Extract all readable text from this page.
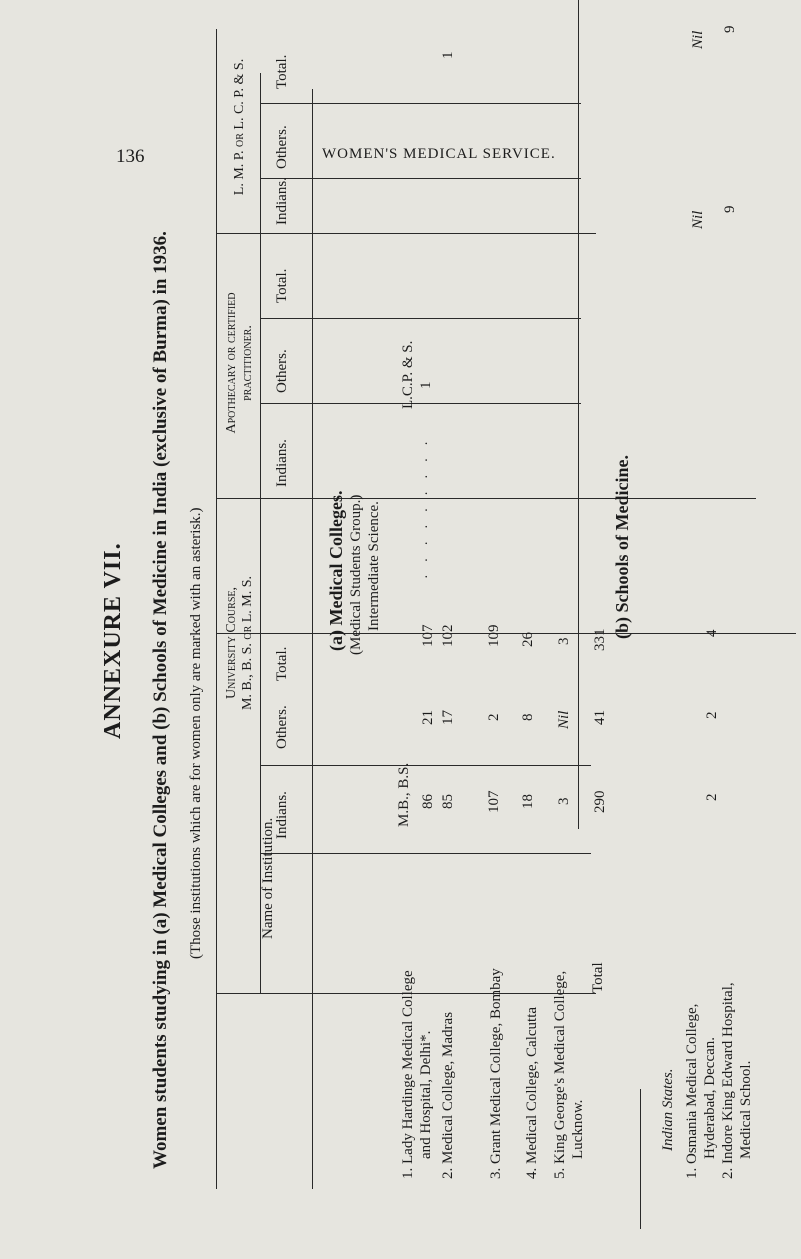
136	WOMEN'S MEDICAL SERVICE.
ANNEXURE VII. Women students studying in (a) Medical Colleges and (b) Schools of Medicine in India (exclusive of Burma) in 1936. (Those institutions which are for women only are marked with an asterisk.)	Name of Institution.
University Course, M. B., B. S. or L. M. S.
Apothecary or certified practitioner.
L. M. P. or L. C. P. & S.
Indians.
Others.
Total.
Indians.
Others.
Total.
Indians.
Others.
Total.
(a) Medical Colleges. (Medical Students Group.) Intermediate Science.
M.B., B.S.
L.C.P. & S.
1. Lady Hardinge Medical College and Hospital, Delhi*.
86
21
107
·········
2. Medical College, Madras
85
17
102
1
1
3. Grant Medical College, Bombay
107
2
109
4. Medical College, Calcutta
18
8
26
5. King George's Medical College, Lucknow.
3
Nil
3
Total
290
41
331
(b) Schools of Medicine.
Indian States. 1. Osmania Medical College, Hyderabad, Deccan.
2
2
4
Nil
Nil
2. Indore King Edward Hospital, Medical School.
9
9
